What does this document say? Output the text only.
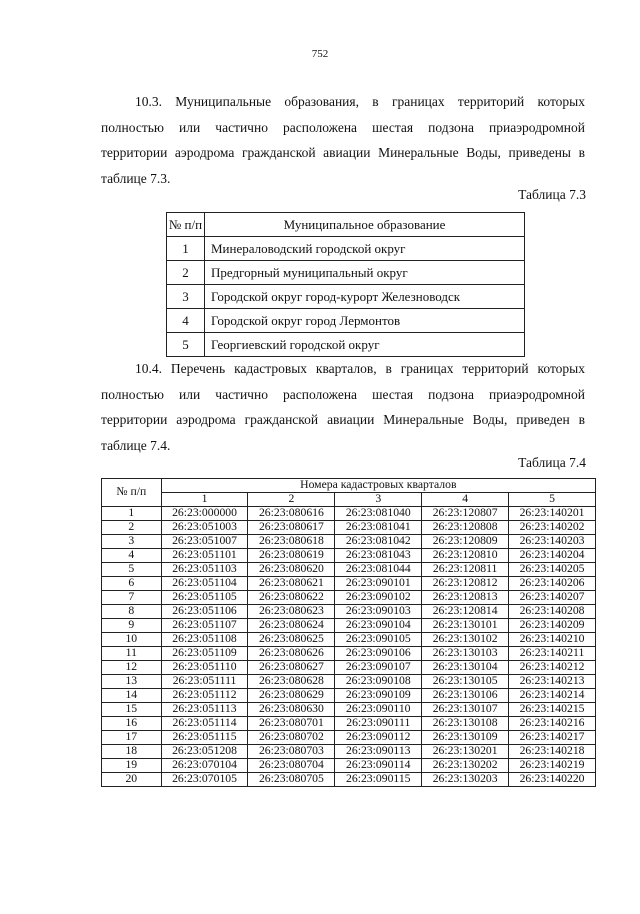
752
10.3. Муниципальные образования, в границах территорий которых
полностью или частично расположена шестая подзона приаэродромной
территории аэродрома гражданской авиации Минеральные Воды, приведены в
таблице 7.3.
Таблица 7.3
№ п/п	Муниципальное образование
1	Минераловодский городской округ
2	Предгорный муниципальный округ
3	Городской округ город-курорт Железноводск
4	Городской округ город Лермонтов
5	Георгиевский городской округ
10.4. Перечень кадастровых кварталов, в границах территорий которых
полностью или частично расположена шестая подзона приаэродромной
территории аэродрома гражданской авиации Минеральные Воды, приведен в
таблице 7.4.
Таблица 7.4
№ п/п	Номера кадастровых кварталов				
	1	2	3	4	5
1	26:23:000000	26:23:080616	26:23:081040	26:23:120807	26:23:140201
2	26:23:051003	26:23:080617	26:23:081041	26:23:120808	26:23:140202
3	26:23:051007	26:23:080618	26:23:081042	26:23:120809	26:23:140203
4	26:23:051101	26:23:080619	26:23:081043	26:23:120810	26:23:140204
5	26:23:051103	26:23:080620	26:23:081044	26:23:120811	26:23:140205
6	26:23:051104	26:23:080621	26:23:090101	26:23:120812	26:23:140206
7	26:23:051105	26:23:080622	26:23:090102	26:23:120813	26:23:140207
8	26:23:051106	26:23:080623	26:23:090103	26:23:120814	26:23:140208
9	26:23:051107	26:23:080624	26:23:090104	26:23:130101	26:23:140209
10	26:23:051108	26:23:080625	26:23:090105	26:23:130102	26:23:140210
11	26:23:051109	26:23:080626	26:23:090106	26:23:130103	26:23:140211
12	26:23:051110	26:23:080627	26:23:090107	26:23:130104	26:23:140212
13	26:23:051111	26:23:080628	26:23:090108	26:23:130105	26:23:140213
14	26:23:051112	26:23:080629	26:23:090109	26:23:130106	26:23:140214
15	26:23:051113	26:23:080630	26:23:090110	26:23:130107	26:23:140215
16	26:23:051114	26:23:080701	26:23:090111	26:23:130108	26:23:140216
17	26:23:051115	26:23:080702	26:23:090112	26:23:130109	26:23:140217
18	26:23:051208	26:23:080703	26:23:090113	26:23:130201	26:23:140218
19	26:23:070104	26:23:080704	26:23:090114	26:23:130202	26:23:140219
20	26:23:070105	26:23:080705	26:23:090115	26:23:130203	26:23:140220
